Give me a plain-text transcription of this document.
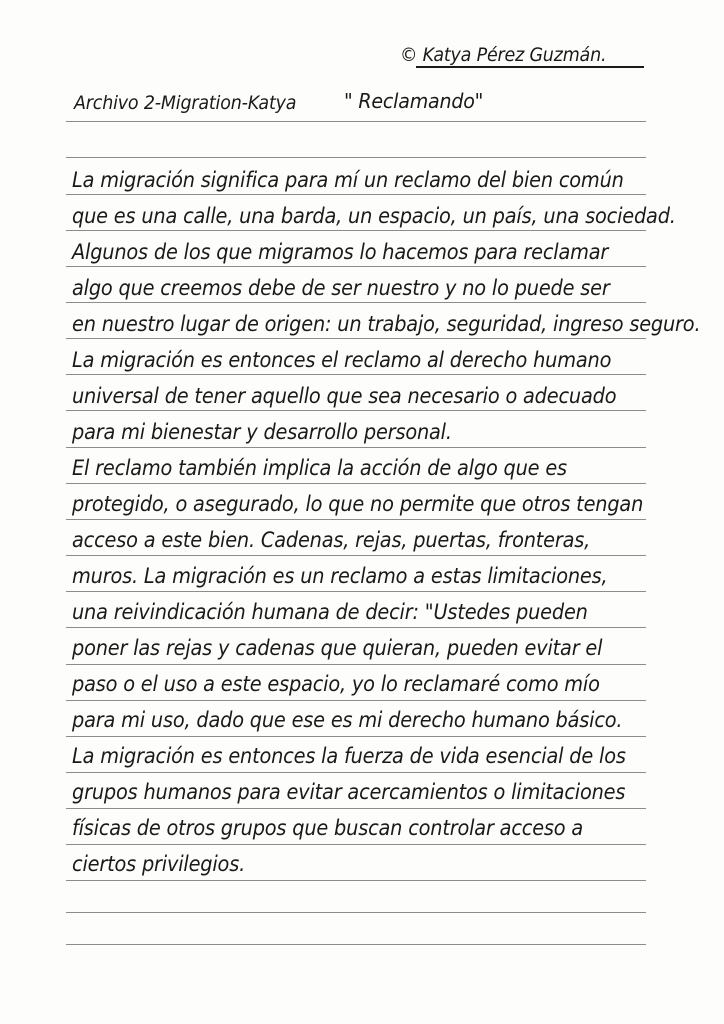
© Katya Pérez Guzmán.
Archivo 2-Migration-Katya " Reclamando"
La migración significa para mí un reclamo del bien común
que es una calle, una barda, un espacio, un país, una sociedad.
Algunos de los que migramos lo hacemos para reclamar
algo que creemos debe de ser nuestro y no lo puede ser
en nuestro lugar de origen: un trabajo, seguridad, ingreso seguro.
La migración es entonces el reclamo al derecho humano
universal de tener aquello que sea necesario o adecuado
para mi bienestar y desarrollo personal.
El reclamo también implica la acción de algo que es
protegido, o asegurado, lo que no permite que otros tengan
acceso a este bien. Cadenas, rejas, puertas, fronteras,
muros. La migración es un reclamo a estas limitaciones,
una reivindicación humana de decir: "Ustedes pueden
poner las rejas y cadenas que quieran, pueden evitar el
paso o el uso a este espacio, yo lo reclamaré como mío
para mi uso, dado que ese es mi derecho humano básico.
La migración es entonces la fuerza de vida esencial de los
grupos humanos para evitar acercamientos o limitaciones
físicas de otros grupos que buscan controlar acceso a
ciertos privilegios.
